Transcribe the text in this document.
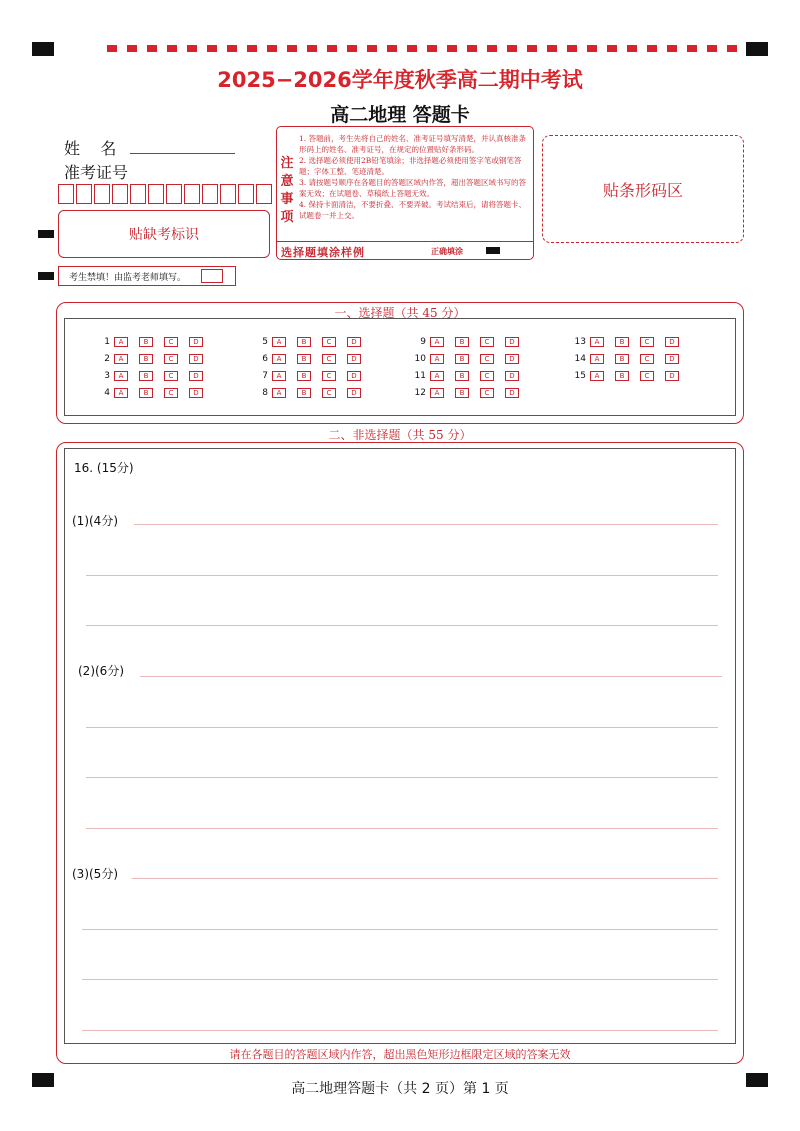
2025−2026学年度秋季高二期中考试
高二地理 答题卡
姓    名
准考证号
贴缺考标识
考生禁填！由监考老师填写。
注
意
事
项
1. 答题前，考生先将自己的姓名、准考证号填写清楚，并认真核准条形码上的姓名、准考证号，在规定的位置贴好条形码。
2. 选择题必须使用2B铅笔填涂；非选择题必须使用签字笔或钢笔答题；字体工整、笔迹清楚。
3. 请按题号顺序在各题目的答题区域内作答，超出答题区域书写的答案无效；在试题卷、草稿纸上答题无效。
4. 保持卡面清洁，不要折叠、不要弄破。考试结束后，请将答题卡、试题卷一并上交。
选择题填涂样例	正确填涂
贴条形码区
一、选择题（共 45 分）
1	A	B	C	D
2	A	B	C	D
3	A	B	C	D
4	A	B	C	D
5	A	B	C	D
6	A	B	C	D
7	A	B	C	D
8	A	B	C	D
9	A	B	C	D
10	A	B	C	D
11	A	B	C	D
12	A	B	C	D
13	A	B	C	D
14	A	B	C	D
15	A	B	C	D
二、非选择题（共 55 分）
16. (15分)
(1)(4分)
(2)(6分)
(3)(5分)
请在各题目的答题区域内作答，超出黑色矩形边框限定区域的答案无效
高二地理答题卡（共 2 页）第 1 页
